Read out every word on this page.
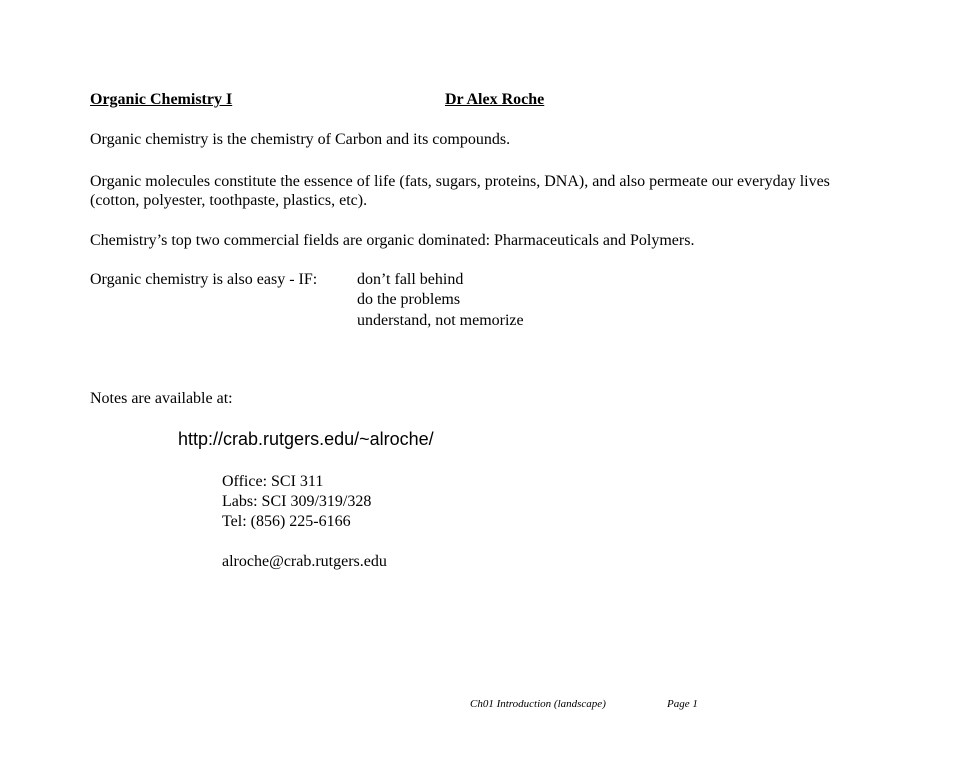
Organic Chemistry I	Dr Alex Roche
Organic chemistry is the chemistry of Carbon and its compounds.
Organic molecules constitute the essence of life (fats, sugars, proteins, DNA), and also permeate our everyday lives
(cotton, polyester, toothpaste, plastics, etc).
Chemistry’s top two commercial fields are organic dominated: Pharmaceuticals and Polymers.
Organic chemistry is also easy - IF: don’t fall behind
do the problems
understand, not memorize
Notes are available at:
http://crab.rutgers.edu/~alroche/
Office: SCI 311
Labs: SCI 309/319/328
Tel: (856) 225-6166
alroche@crab.rutgers.edu
Ch01 Introduction (landscape)	Page 1
